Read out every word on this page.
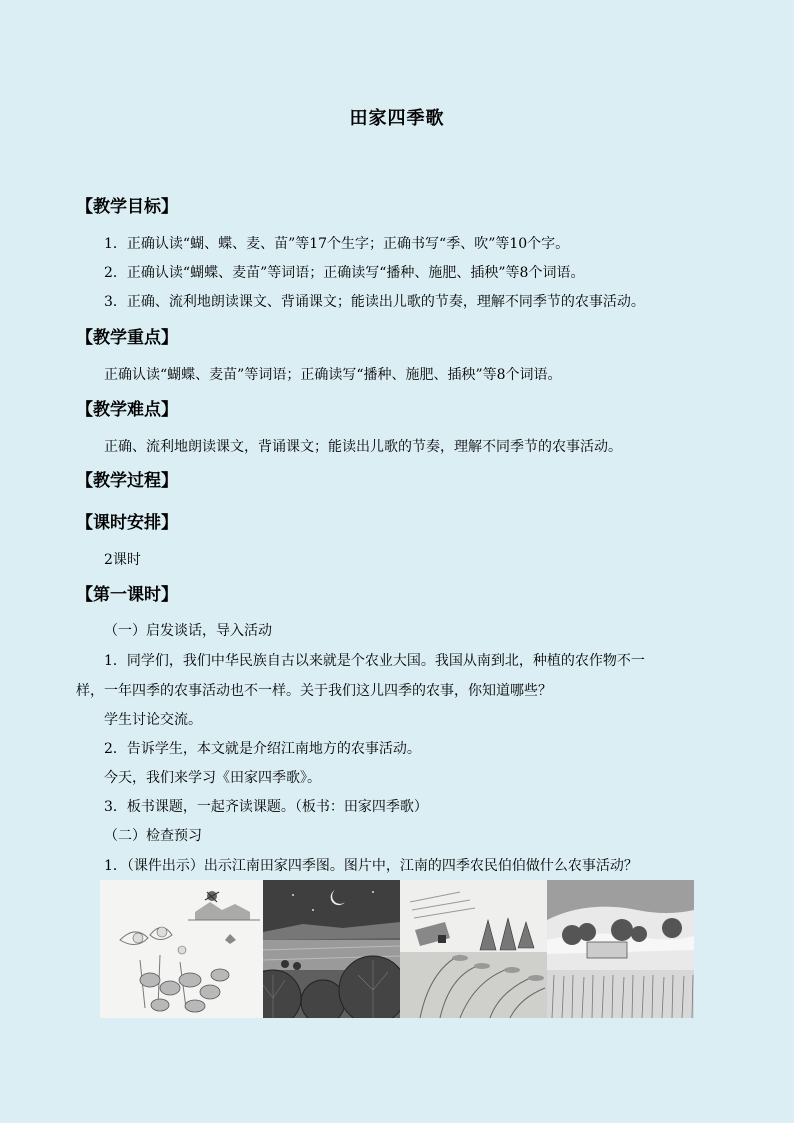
田家四季歌
【教学目标】
1．正确认读“蝴、蝶、麦、苗”等17个生字；正确书写“季、吹”等10个字。
2．正确认读“蝴蝶、麦苗”等词语；正确读写“播种、施肥、插秧”等8个词语。
3．正确、流利地朗读课文、背诵课文；能读出儿歌的节奏，理解不同季节的农事活动。
【教学重点】
正确认读“蝴蝶、麦苗”等词语；正确读写“播种、施肥、插秧”等8个词语。
【教学难点】
正确、流利地朗读课文，背诵课文；能读出儿歌的节奏，理解不同季节的农事活动。
【教学过程】
【课时安排】
2课时
【第一课时】
（一）启发谈话，导入活动
1．同学们，我们中华民族自古以来就是个农业大国。我国从南到北，种植的农作物不一
样，一年四季的农事活动也不一样。关于我们这儿四季的农事，你知道哪些？
学生讨论交流。
2．告诉学生，本文就是介绍江南地方的农事活动。
今天，我们来学习《田家四季歌》。
3．板书课题，一起齐读课题。（板书：田家四季歌）
（二）检查预习
1．（课件出示）出示江南田家四季图。图片中，江南的四季农民伯伯做什么农事活动？
